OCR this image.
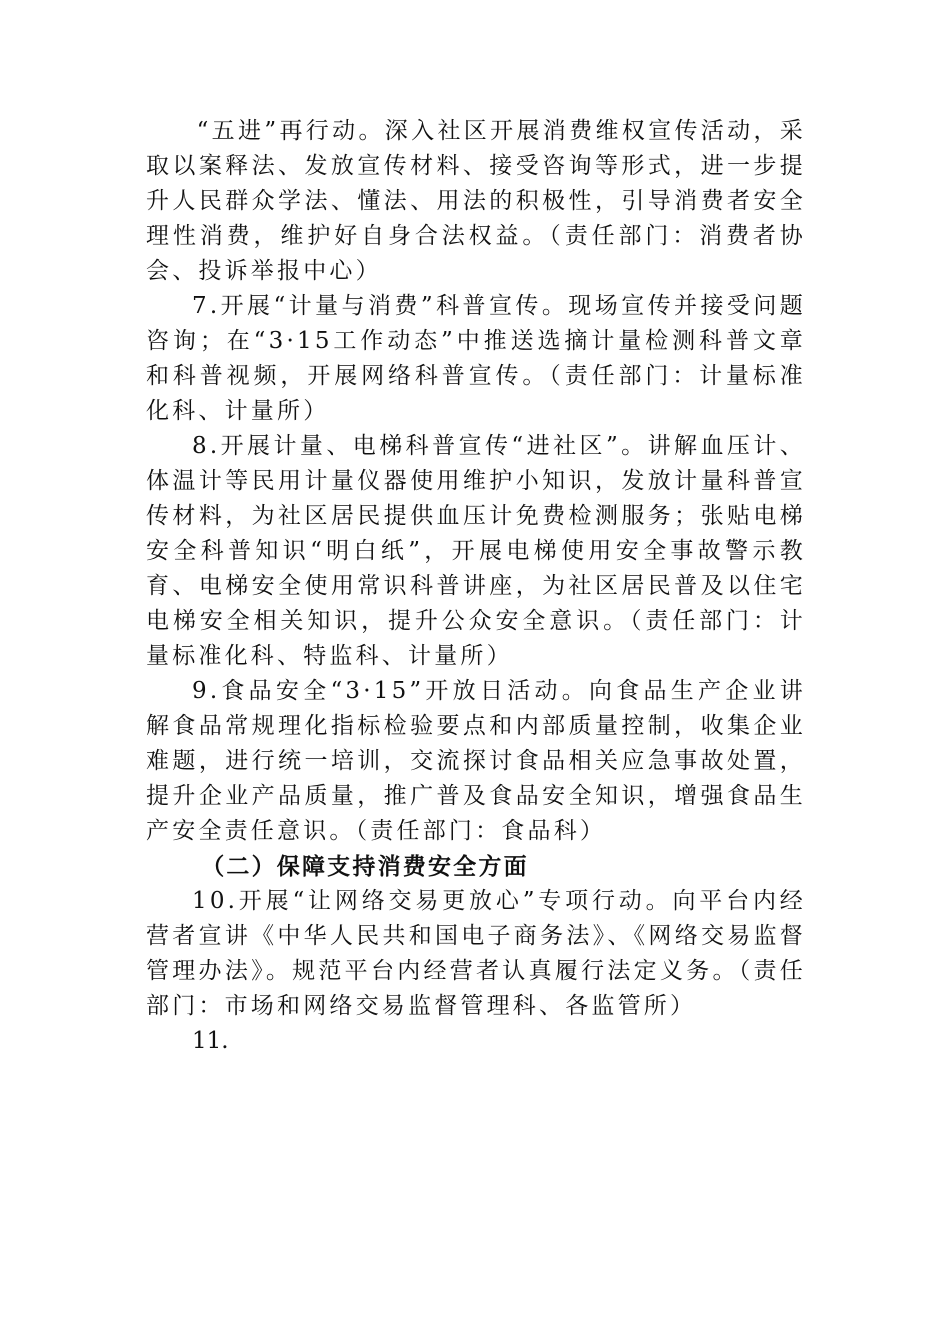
“五进”再行动。深入社区开展消费维权宣传活动，采取以案释法、发放宣传材料、接受咨询等形式，进一步提升人民群众学法、懂法、用法的积极性，引导消费者安全理性消费，维护好自身合法权益。（责任部门：消费者协会、投诉举报中心）

7.开展“计量与消费”科普宣传。现场宣传并接受问题咨询；在“3·15工作动态”中推送选摘计量检测科普文章和科普视频，开展网络科普宣传。（责任部门：计量标准化科、计量所）

8.开展计量、电梯科普宣传“进社区”。讲解血压计、体温计等民用计量仪器使用维护小知识，发放计量科普宣传材料，为社区居民提供血压计免费检测服务；张贴电梯安全科普知识“明白纸”，开展电梯使用安全事故警示教育、电梯安全使用常识科普讲座，为社区居民普及以住宅电梯安全相关知识，提升公众安全意识。（责任部门：计量标准化科、特监科、计量所）

9.食品安全“3·15”开放日活动。向食品生产企业讲解食品常规理化指标检验要点和内部质量控制，收集企业难题，进行统一培训，交流探讨食品相关应急事故处置，提升企业产品质量，推广普及食品安全知识，增强食品生产安全责任意识。（责任部门：食品科）

（二）保障支持消费安全方面

10.开展“让网络交易更放心”专项行动。向平台内经营者宣讲《中华人民共和国电子商务法》、《网络交易监督管理办法》。规范平台内经营者认真履行法定义务。（责任部门：市场和网络交易监督管理科、各监管所）

11.
